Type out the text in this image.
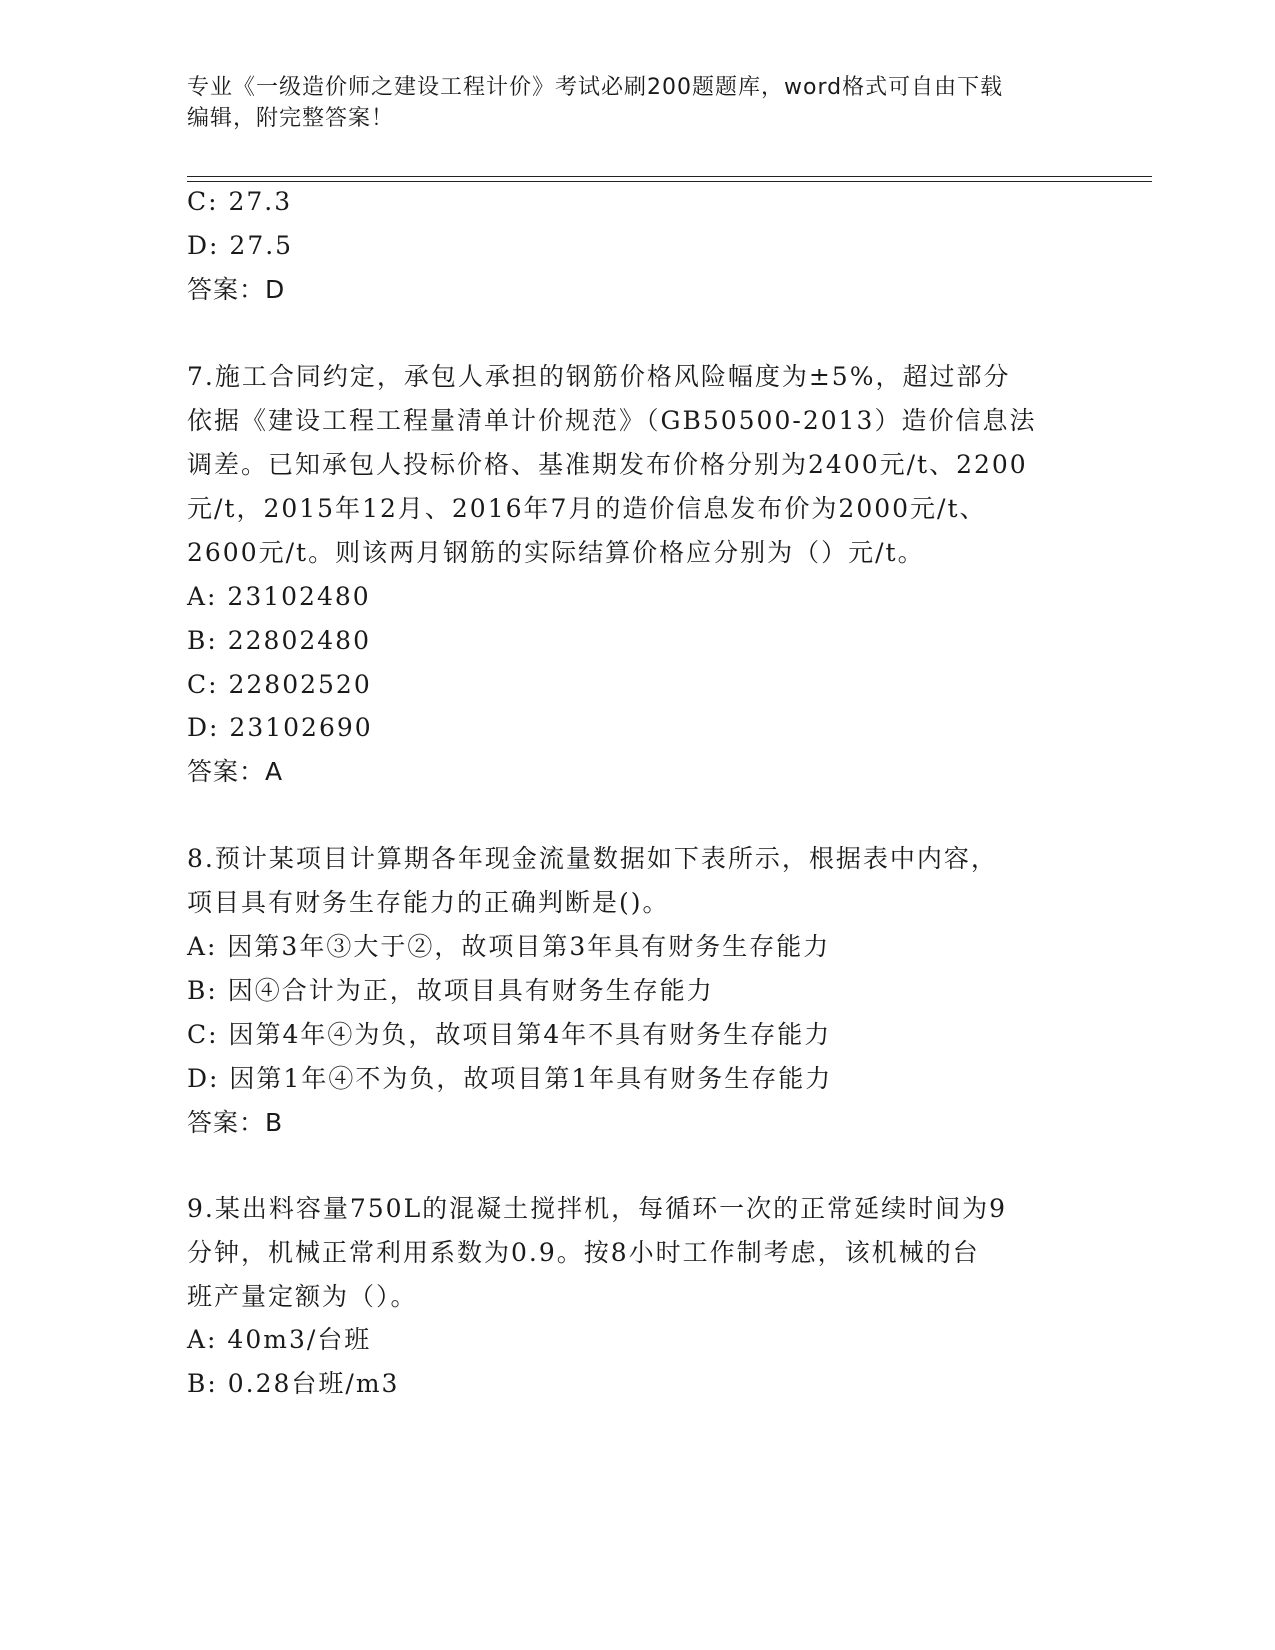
专业《一级造价师之建设工程计价》考试必刷200题题库，word格式可自由下载
编辑，附完整答案！
C: 27.3
D: 27.5
答案：D
7.施工合同约定，承包人承担的钢筋价格风险幅度为±5%，超过部分
依据《建设工程工程量清单计价规范》（GB50500-2013）造价信息法
调差。已知承包人投标价格、基准期发布价格分别为2400元/t、2200
元/t，2015年12月、2016年7月的造价信息发布价为2000元/t、
2600元/t。则该两月钢筋的实际结算价格应分别为（）元/t。
A: 23102480
B: 22802480
C: 22802520
D: 23102690
答案：A
8.预计某项目计算期各年现金流量数据如下表所示，根据表中内容，
项目具有财务生存能力的正确判断是()。
A: 因第3年③大于②，故项目第3年具有财务生存能力
B: 因④合计为正，故项目具有财务生存能力
C: 因第4年④为负，故项目第4年不具有财务生存能力
D: 因第1年④不为负，故项目第1年具有财务生存能力
答案：B
9.某出料容量750L的混凝土搅拌机，每循环一次的正常延续时间为9
分钟，机械正常利用系数为0.9。按8小时工作制考虑，该机械的台
班产量定额为（）。
A: 40m3/台班
B: 0.28台班/m3
